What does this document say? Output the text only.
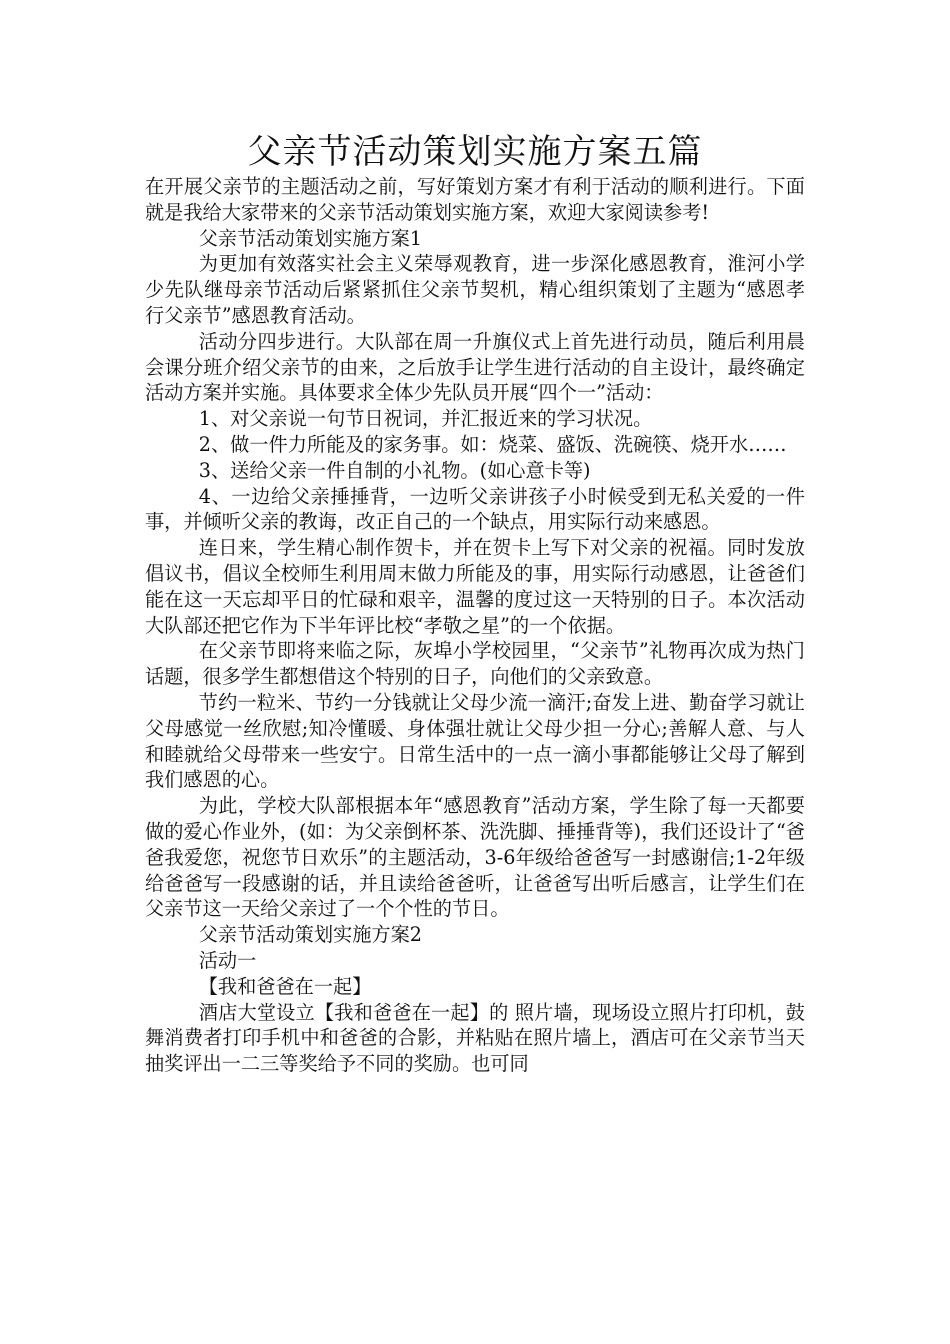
父亲节活动策划实施方案五篇

在开展父亲节的主题活动之前，写好策划方案才有利于活动的顺利进行。下面就是我给大家带来的父亲节活动策划实施方案，欢迎大家阅读参考!

父亲节活动策划实施方案1

为更加有效落实社会主义荣辱观教育，进一步深化感恩教育，淮河小学少先队继母亲节活动后紧紧抓住父亲节契机，精心组织策划了主题为“感恩孝行父亲节”感恩教育活动。

活动分四步进行。大队部在周一升旗仪式上首先进行动员，随后利用晨会课分班介绍父亲节的由来，之后放手让学生进行活动的自主设计，最终确定活动方案并实施。具体要求全体少先队员开展“四个一”活动：

1、对父亲说一句节日祝词，并汇报近来的学习状况。

2、做一件力所能及的家务事。如：烧菜、盛饭、洗碗筷、烧开水……

3、送给父亲一件自制的小礼物。(如心意卡等)

4、一边给父亲捶捶背，一边听父亲讲孩子小时候受到无私关爱的一件事，并倾听父亲的教诲，改正自己的一个缺点，用实际行动来感恩。

连日来，学生精心制作贺卡，并在贺卡上写下对父亲的祝福。同时发放倡议书，倡议全校师生利用周末做力所能及的事，用实际行动感恩，让爸爸们能在这一天忘却平日的忙碌和艰辛，温馨的度过这一天特别的日子。本次活动大队部还把它作为下半年评比校“孝敬之星”的一个依据。

在父亲节即将来临之际，灰埠小学校园里，“父亲节”礼物再次成为热门话题，很多学生都想借这个特别的日子，向他们的父亲致意。

节约一粒米、节约一分钱就让父母少流一滴汗;奋发上进、勤奋学习就让父母感觉一丝欣慰;知冷懂暖、身体强壮就让父母少担一分心;善解人意、与人和睦就给父母带来一些安宁。日常生活中的一点一滴小事都能够让父母了解到我们感恩的心。

为此，学校大队部根据本年“感恩教育”活动方案，学生除了每一天都要做的爱心作业外，(如：为父亲倒杯茶、洗洗脚、捶捶背等)，我们还设计了“爸爸我爱您，祝您节日欢乐”的主题活动，3-6年级给爸爸写一封感谢信;1-2年级给爸爸写一段感谢的话，并且读给爸爸听，让爸爸写出听后感言，让学生们在父亲节这一天给父亲过了一个个性的节日。

父亲节活动策划实施方案2

活动一

【我和爸爸在一起】

酒店大堂设立【我和爸爸在一起】的 照片墙，现场设立照片打印机，鼓舞消费者打印手机中和爸爸的合影，并粘贴在照片墙上，酒店可在父亲节当天抽奖评出一二三等奖给予不同的奖励。也可同
